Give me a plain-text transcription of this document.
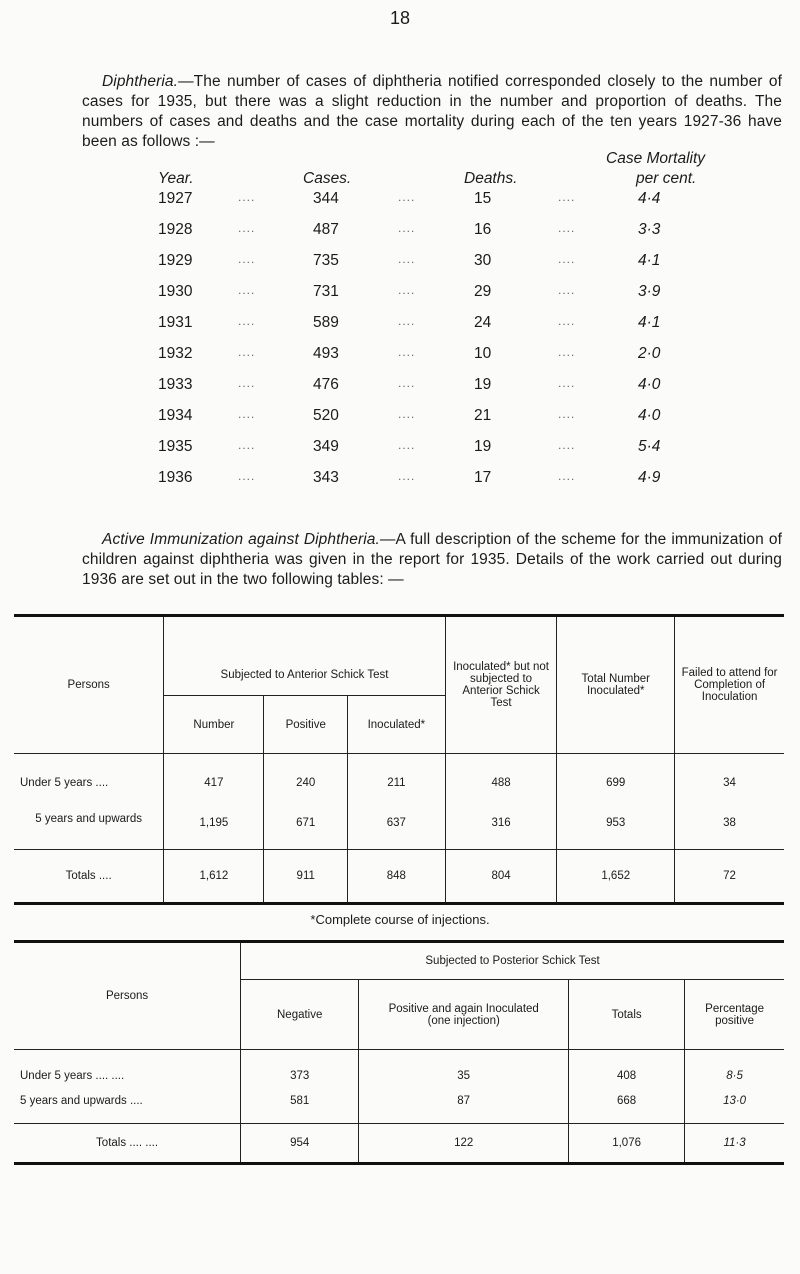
18
Diphtheria.—The number of cases of diphtheria notified corresponded closely to the number of cases for 1935, but there was a slight reduction in the number and proportion of deaths. The numbers of cases and deaths and the case mortality during each of the ten years 1927-36 have been as follows :—
Year.	Cases.	Deaths.
Case Mortality
per cent.
1927	....	344	....	15	....	4·4
1928	....	487	....	16	....	3·3
1929	....	735	....	30	....	4·1
1930	....	731	....	29	....	3·9
1931	....	589	....	24	....	4·1
1932	....	493	....	10	....	2·0
1933	....	476	....	19	....	4·0
1934	....	520	....	21	....	4·0
1935	....	349	....	19	....	5·4
1936	....	343	....	17	....	4·9
Active Immunization against Diphtheria.—A full description of the scheme for the immunization of children against diphtheria was given in the report for 1935. Details of the work carried out during 1936 are set out in the two following tables: —
Persons	Subjected to Anterior Schick Test			Inoculated* but not subjected to Anterior Schick Test	Total Number Inoculated*	Failed to attend for Completion of Inoculation
	Number	Positive	Inoculated*			
Under 5 years ....	417	240	211	488	699	34
5 years and upwards	1,195	671	637	316	953	38
Totals ....	1,612	911	848	804	1,652	72
*Complete course of injections.
Persons	Subjected to Posterior Schick Test			
	Negative	Positive and again Inoculated (one injection)	Totals	Percentage positive
Under 5 years .... ....	373	35	408	8·5
5 years and upwards ....	581	87	668	13·0
Totals .... ....	954	122	1,076	11·3
